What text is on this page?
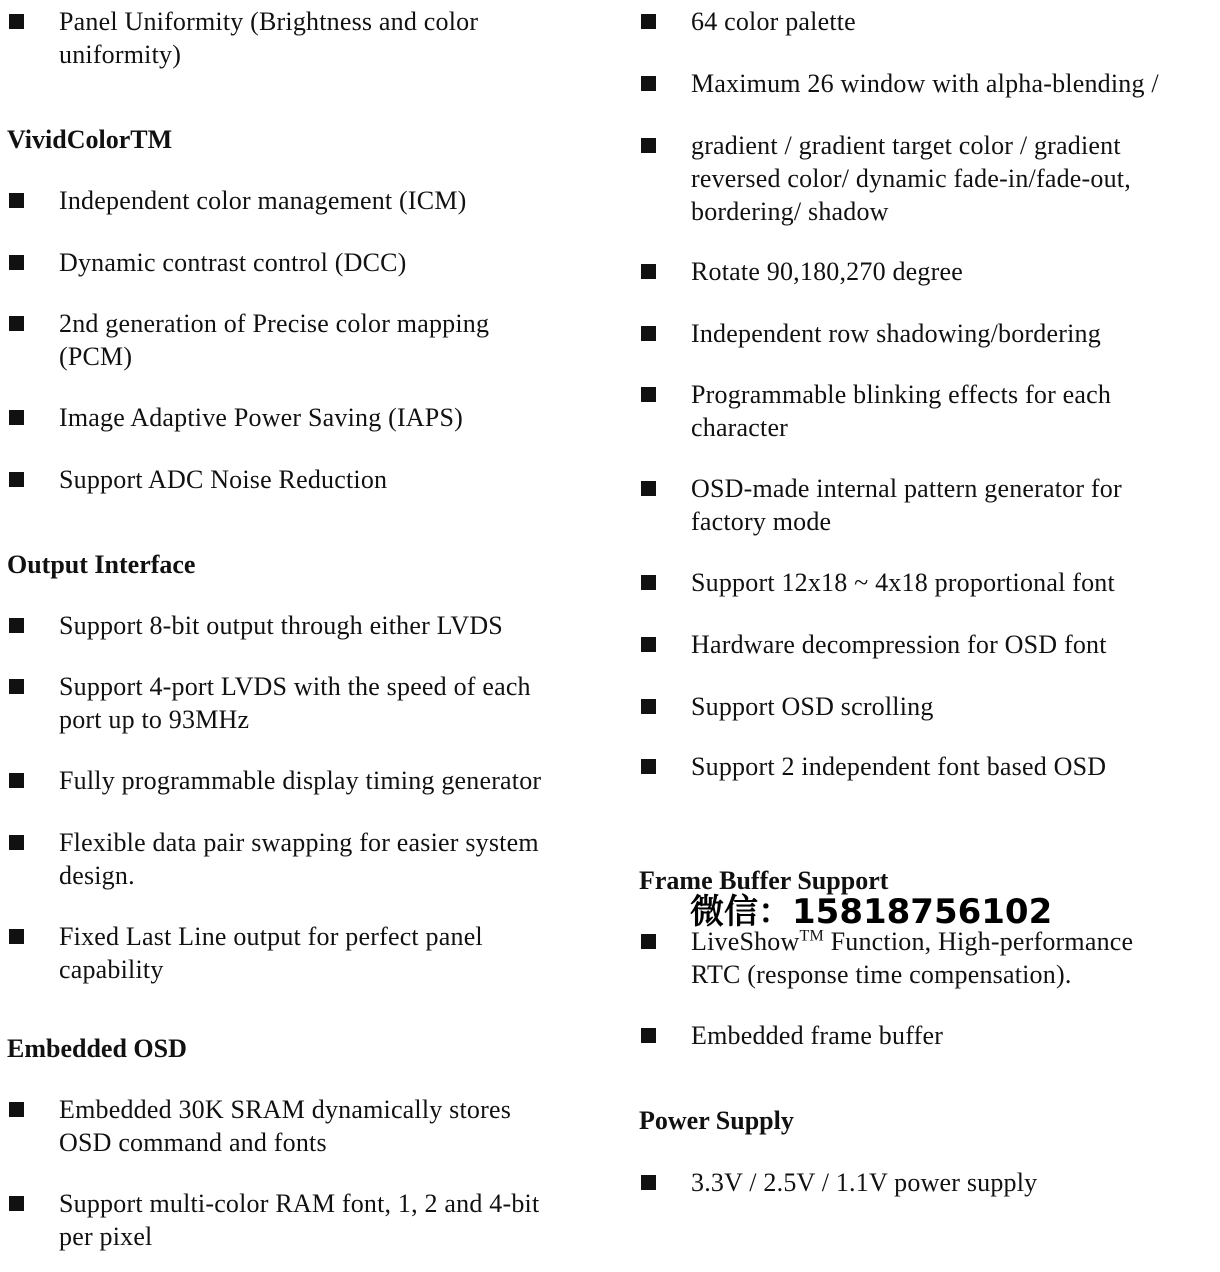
Panel Uniformity (Brightness and color
uniformity)
VividColorTM
Independent color management (ICM)
Dynamic contrast control (DCC)
2nd generation of Precise color mapping
(PCM)
Image Adaptive Power Saving (IAPS)
Support ADC Noise Reduction
Output Interface
Support 8-bit output through either LVDS
Support 4-port LVDS with the speed of each
port up to 93MHz
Fully programmable display timing generator
Flexible data pair swapping for easier system
design.
Fixed Last Line output for perfect panel
capability
Embedded OSD
Embedded 30K SRAM dynamically stores
OSD command and fonts
Support multi-color RAM font, 1, 2 and 4-bit
per pixel
64 color palette
Maximum 26 window with alpha-blending /
gradient / gradient target color / gradient
reversed color/ dynamic fade-in/fade-out,
bordering/ shadow
Rotate 90,180,270 degree
Independent row shadowing/bordering
Programmable blinking effects for each
character
OSD-made internal pattern generator for
factory mode
Support 12x18 ~ 4x18 proportional font
Hardware decompression for OSD font
Support OSD scrolling
Support 2 independent font based OSD
Frame Buffer Support
微信：15818756102
LiveShow™ Function, High-performance
RTC (response time compensation).
Embedded frame buffer
Power Supply
3.3V / 2.5V / 1.1V power supply
